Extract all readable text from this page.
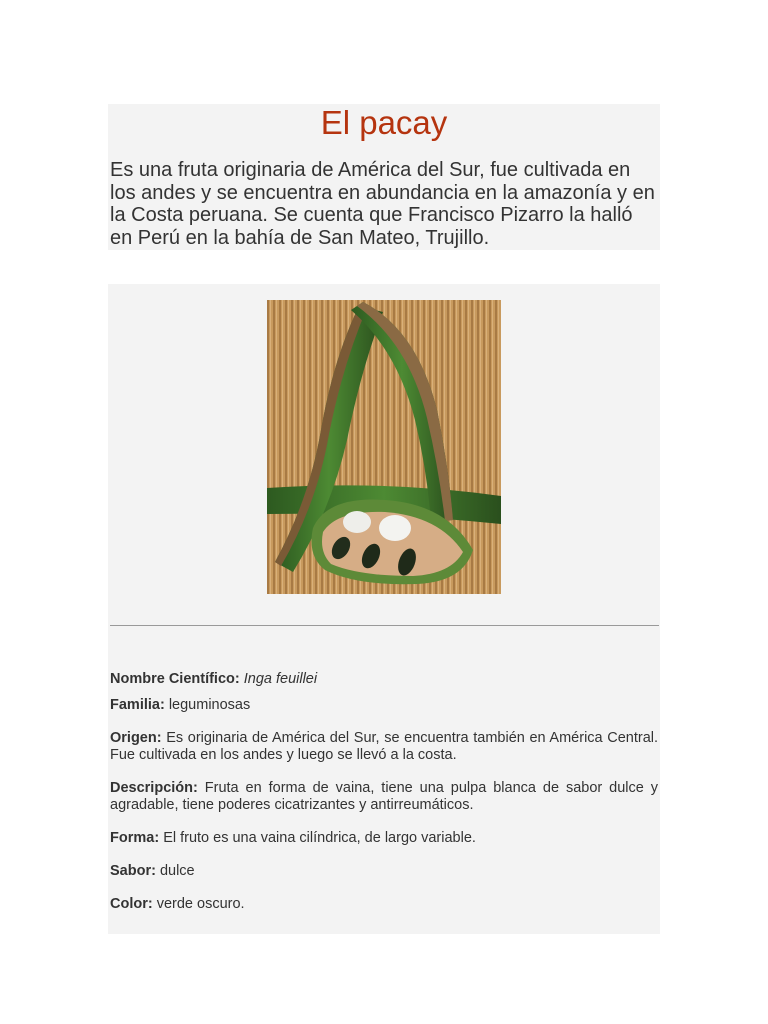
El pacay

Es una fruta originaria de América del Sur, fue cultivada en los andes y se encuentra en abundancia en la amazonía y en la Costa peruana. Se cuenta que Francisco Pizarro la halló en Perú en la bahía de San Mateo, Trujillo.

Nombre Científico: Inga feuillei

Familia: leguminosas

Origen: Es originaria de América del Sur, se encuentra también en América Central. Fue cultivada en los andes y luego se llevó a la costa.

Descripción: Fruta en forma de vaina, tiene una pulpa blanca de sabor dulce y agradable, tiene poderes cicatrizantes y antirreumáticos.

Forma: El fruto es una vaina cilíndrica, de largo variable.

Sabor: dulce

Color: verde oscuro.
